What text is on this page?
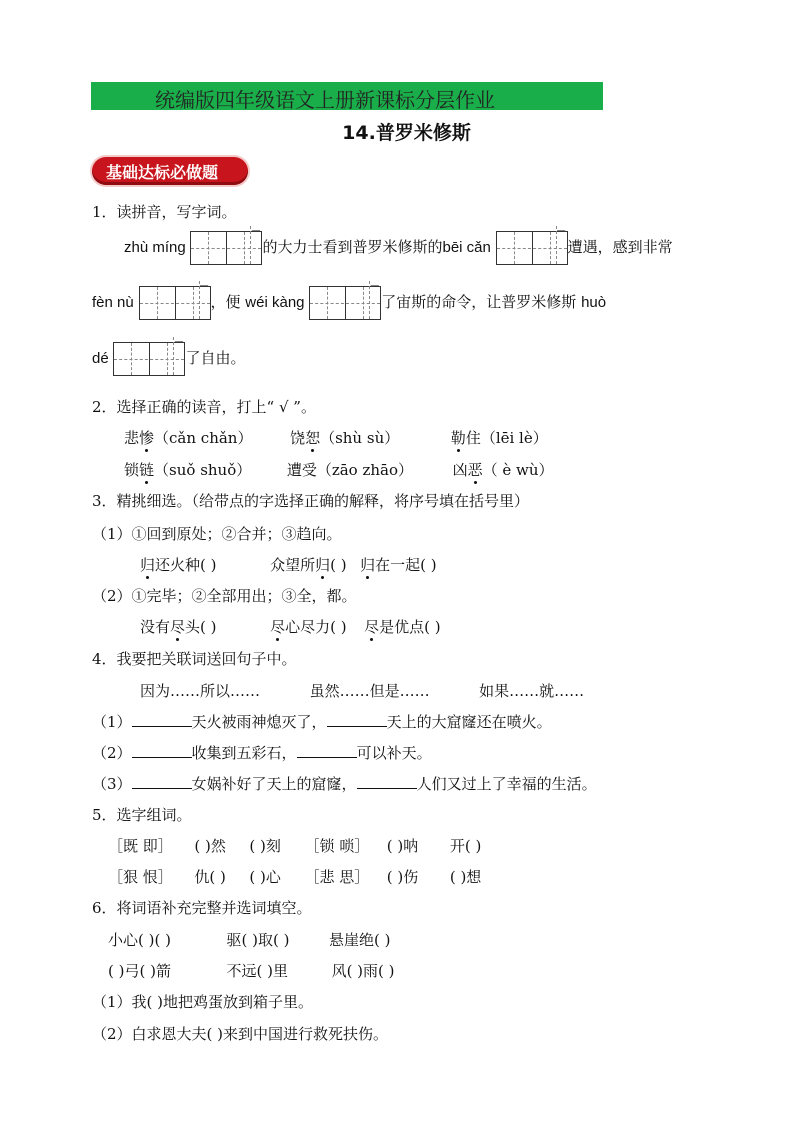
统编版四年级语文上册新课标分层作业
14.普罗米修斯
基础达标必做题
1．读拼音，写字词。
zhù míng
—
的大力士看到普罗米修斯的bēi cǎn
—
遭遇，感到非常
fèn nù
—
，便 wéi kàng
—
了宙斯的命令，让普罗米修斯 huò
dé
—
了自由。
2．选择正确的读音，打上“ √ ”。
悲惨（cǎn chǎn）	饶恕（shù sù）	勒住（lēi lè）
锁链（suǒ shuǒ） 遭受（zāo zhāo）	凶恶（ è wù）
3．精挑细选。（给带点的字选择正确的解释，将序号填在括号里）
（1）①回到原处；②合并；③趋向。
归还火种( )	众望所归( ) 归在一起( )
（2）①完毕；②全部用出；③全，都。
没有尽头( )	尽心尽力( ) 尽是优点( )
4．我要把关联词送回句子中。
因为……所以……	虽然……但是……	如果……就……
（1）	天火被雨神熄灭了，	天上的大窟窿还在喷火。
（2）	收集到五彩石，	可以补天。
（3）	女娲补好了天上的窟窿，	人们又过上了幸福的生活。
5．选字组词。
［既 即］ ( )然 ( )刻 ［锁 唢］ ( )呐 开( )
［狠 恨］ 仇( ) ( )心 ［悲 思］ ( )伤 ( )想
6．将词语补充完整并选词填空。
小心( )( )	驱( )取( )	悬崖绝( )
( )弓( )箭	不远( )里	风( )雨( )
（1）我( )地把鸡蛋放到箱子里。
（2）白求恩大夫( )来到中国进行救死扶伤。
